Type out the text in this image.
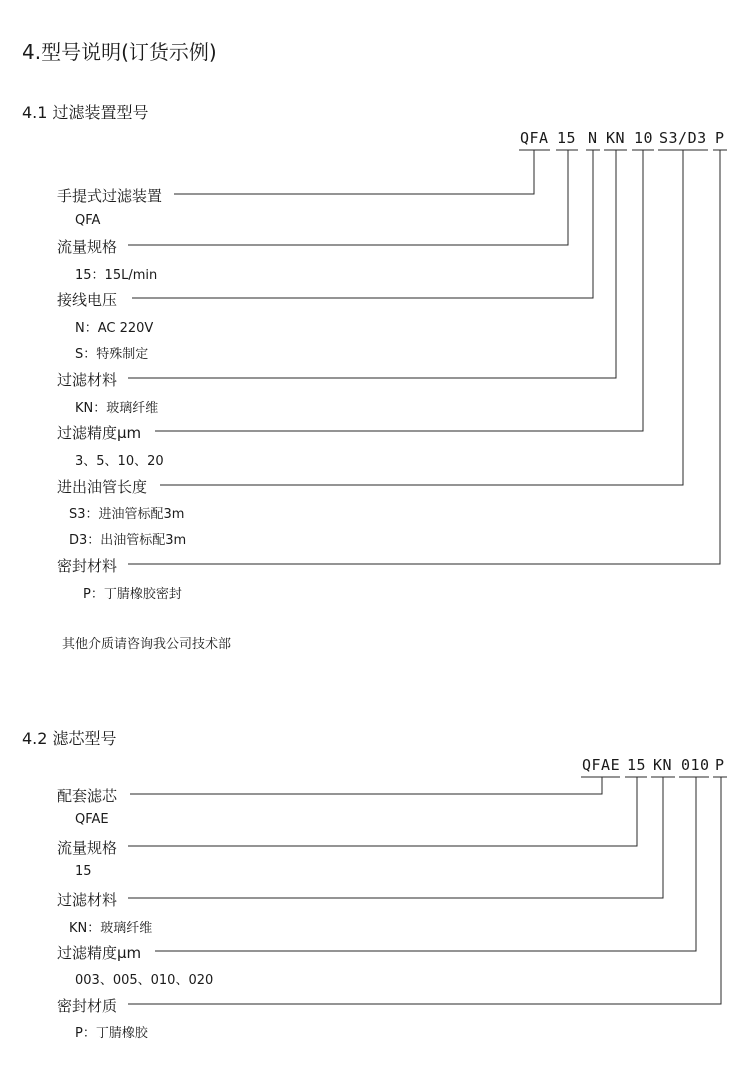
4.型号说明(订货示例)
4.1 过滤装置型号
4.2 滤芯型号
QFA 15 N KN 10 S3/D3 P
手提式过滤装置
QFA
流量规格
15：15L/min
接线电压
N：AC 220V
S：特殊制定
过滤材料
KN：玻璃纤维
过滤精度μm
3、5、10、20
进出油管长度
S3：进油管标配3m
D3：出油管标配3m
密封材料
P：丁腈橡胶密封
其他介质请咨询我公司技术部
QFAE 15 KN 010 P
配套滤芯
QFAE
流量规格
15
过滤材料
KN：玻璃纤维
过滤精度μm
003、005、010、020
密封材质
P：丁腈橡胶
